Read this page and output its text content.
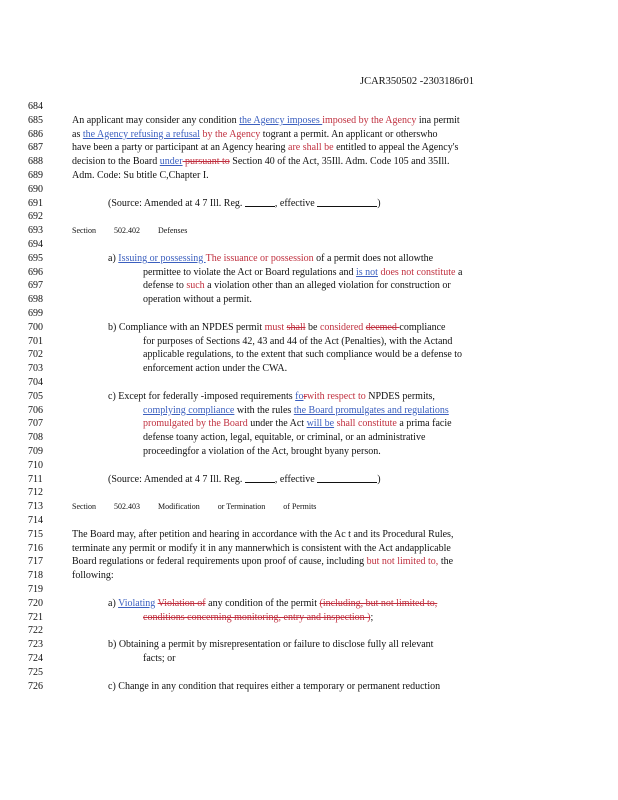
JCAR350502 -2303186r01
684
685	An applicant may consider any condition the Agency imposes imposed by the Agency ina permit
686	as the Agency refusing a refusal by the Agency togrant a permit. An applicant or otherswho
687	have been a party or participant at an Agency hearing are shall be entitled to appeal the Agency's
688	decision to the Board under pursuant to Section 40 of the Act, 35Ill. Adm. Code 105 and 35Ill.
689	Adm. Code: Su btitle C,Chapter I.
690
691	(Source: Amended at 4 7 Ill. Reg.	, effective	)
692
693	Section 502.402 Defenses
694
695	a) Issuing or possessing The issuance or possession of a permit does not allowthe
696	permittee to violate the Act or Board regulations and is not does not constitute a
697	defense to such a violation other than an alleged violation for construction or
698	operation without a permit.
699
700	b) Compliance with an NPDES permit must shall be considered deemed compliance
701	for purposes of Sections 42, 43 and 44 of the Act (Penalties), with the Actand
702	applicable regulations, to the extent that such compliance would be a defense to
703	enforcement action under the CWA.
704
705	c) Except for federally -imposed requirements forwith respect to NPDES permits,
706	complying compliance with the rules the Board promulgates and regulations
707	promulgated by the Board under the Act will be shall constitute a prima facie
708	defense toany action, legal, equitable, or criminal, or an administrative
709	proceedingfor a violation of the Act, brought byany person.
710
711	(Source: Amended at 4 7 Ill. Reg.	, effective	)
712
713	Section 502.403 Modification or Termination of Permits
714
715	The Board may, after petition and hearing in accordance with the Ac t and its Procedural Rules,
716	terminate any permit or modify it in any mannerwhich is consistent with the Act andapplicable
717	Board regulations or federal requirements upon proof of cause, including but not limited to, the
718	following:
719
720	a) Violating Violation of any condition of the permit (including, but not limited to,
721	conditions concerning monitoring, entry and inspection );
722
723	b) Obtaining a permit by misrepresentation or failure to disclose fully all relevant
724	facts; or
725
726	c) Change in any condition that requires either a temporary or permanent reduction
